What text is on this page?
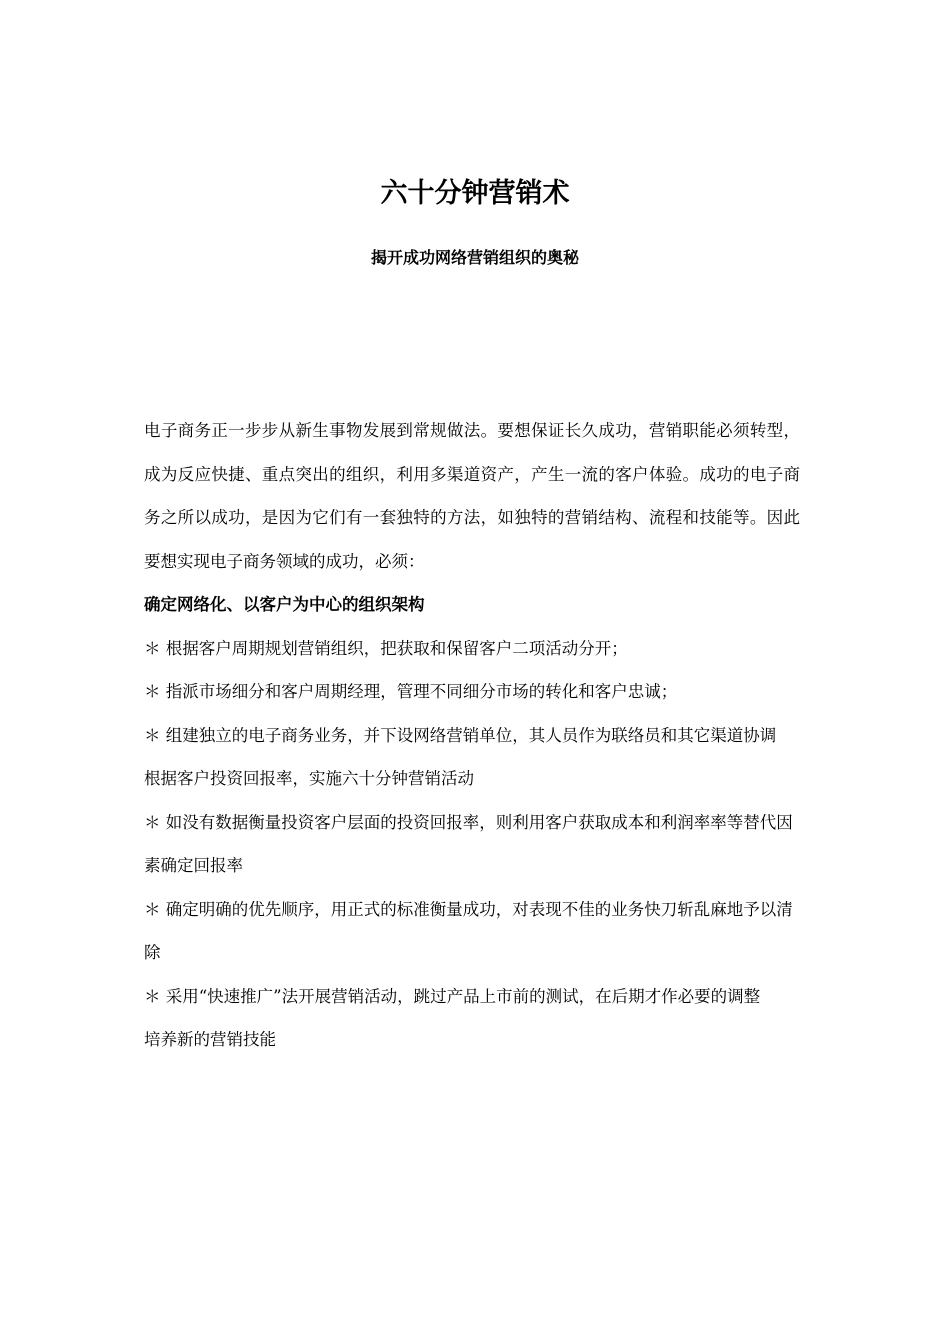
六十分钟营销术
揭开成功网络营销组织的奥秘

电子商务正一步步从新生事物发展到常规做法。要想保证长久成功，营销职能必须转型，成为反应快捷、重点突出的组织，利用多渠道资产，产生一流的客户体验。成功的电子商务之所以成功，是因为它们有一套独特的方法，如独特的营销结构、流程和技能等。因此要想实现电子商务领域的成功，必须：

确定网络化、以客户为中心的组织架构

＊ 根据客户周期规划营销组织，把获取和保留客户二项活动分开；

＊ 指派市场细分和客户周期经理，管理不同细分市场的转化和客户忠诚；

＊ 组建独立的电子商务业务，并下设网络营销单位，其人员作为联络员和其它渠道协调

根据客户投资回报率，实施六十分钟营销活动

＊ 如没有数据衡量投资客户层面的投资回报率，则利用客户获取成本和利润率率等替代因素确定回报率

＊ 确定明确的优先顺序，用正式的标准衡量成功，对表现不佳的业务快刀斩乱麻地予以清除

＊ 采用“快速推广”法开展营销活动，跳过产品上市前的测试，在后期才作必要的调整

培养新的营销技能
